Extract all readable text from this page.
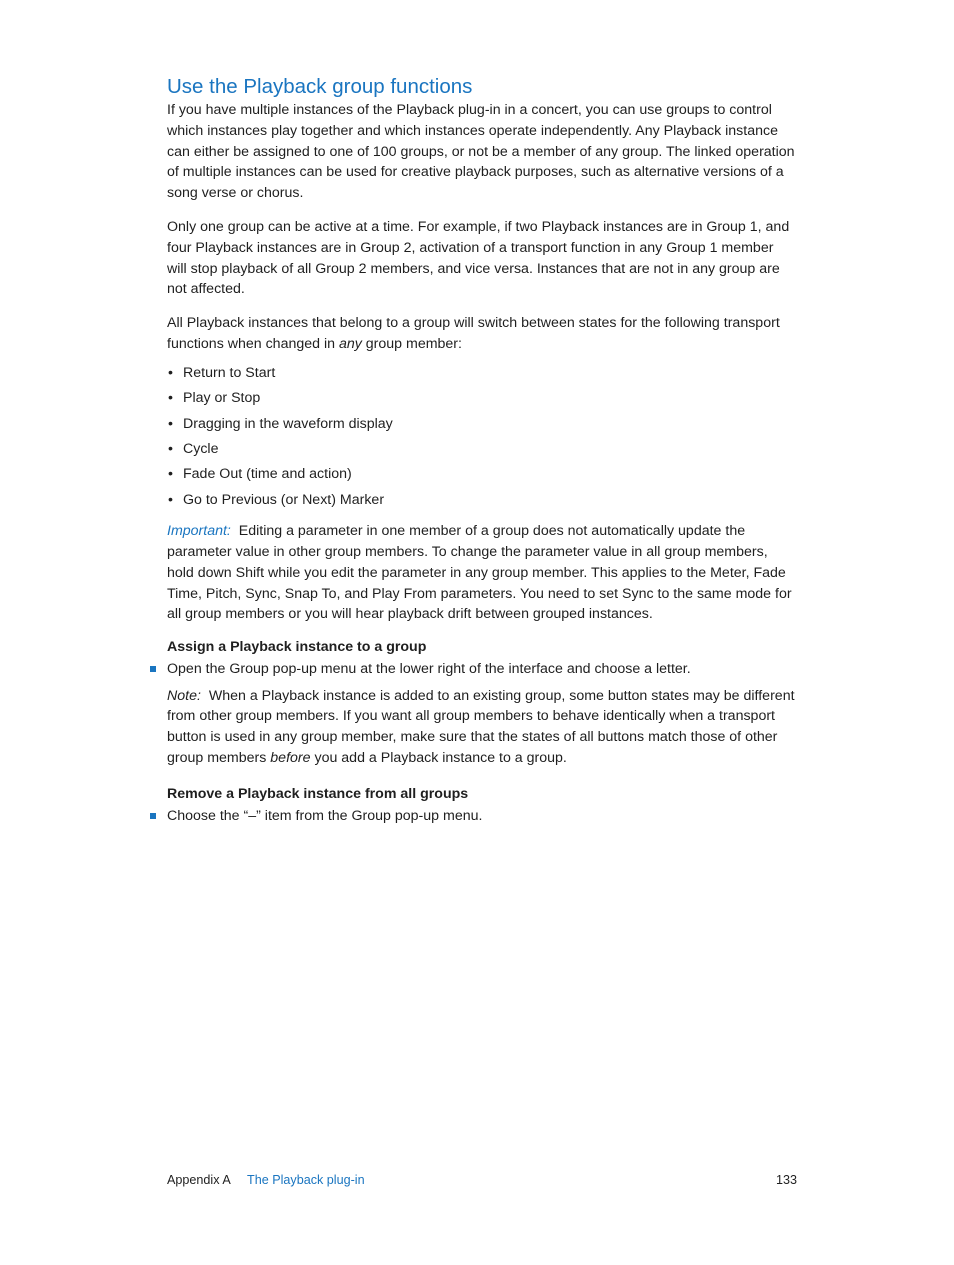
Use the Playback group functions

If you have multiple instances of the Playback plug-in in a concert, you can use groups to control which instances play together and which instances operate independently. Any Playback instance can either be assigned to one of 100 groups, or not be a member of any group. The linked operation of multiple instances can be used for creative playback purposes, such as alternative versions of a song verse or chorus.

Only one group can be active at a time. For example, if two Playback instances are in Group 1, and four Playback instances are in Group 2, activation of a transport function in any Group 1 member will stop playback of all Group 2 members, and vice versa. Instances that are not in any group are not affected.

All Playback instances that belong to a group will switch between states for the following transport functions when changed in any group member:

• Return to Start
• Play or Stop
• Dragging in the waveform display
• Cycle
• Fade Out (time and action)
• Go to Previous (or Next) Marker

Important: Editing a parameter in one member of a group does not automatically update the parameter value in other group members. To change the parameter value in all group members, hold down Shift while you edit the parameter in any group member. This applies to the Meter, Fade Time, Pitch, Sync, Snap To, and Play From parameters. You need to set Sync to the same mode for all group members or you will hear playback drift between grouped instances.

Assign a Playback instance to a group

Open the Group pop-up menu at the lower right of the interface and choose a letter.

Note: When a Playback instance is added to an existing group, some button states may be different from other group members. If you want all group members to behave identically when a transport button is used in any group member, make sure that the states of all buttons match those of other group members before you add a Playback instance to a group.

Remove a Playback instance from all groups

Choose the “–” item from the Group pop-up menu.

Appendix A The Playback plug-in	133
